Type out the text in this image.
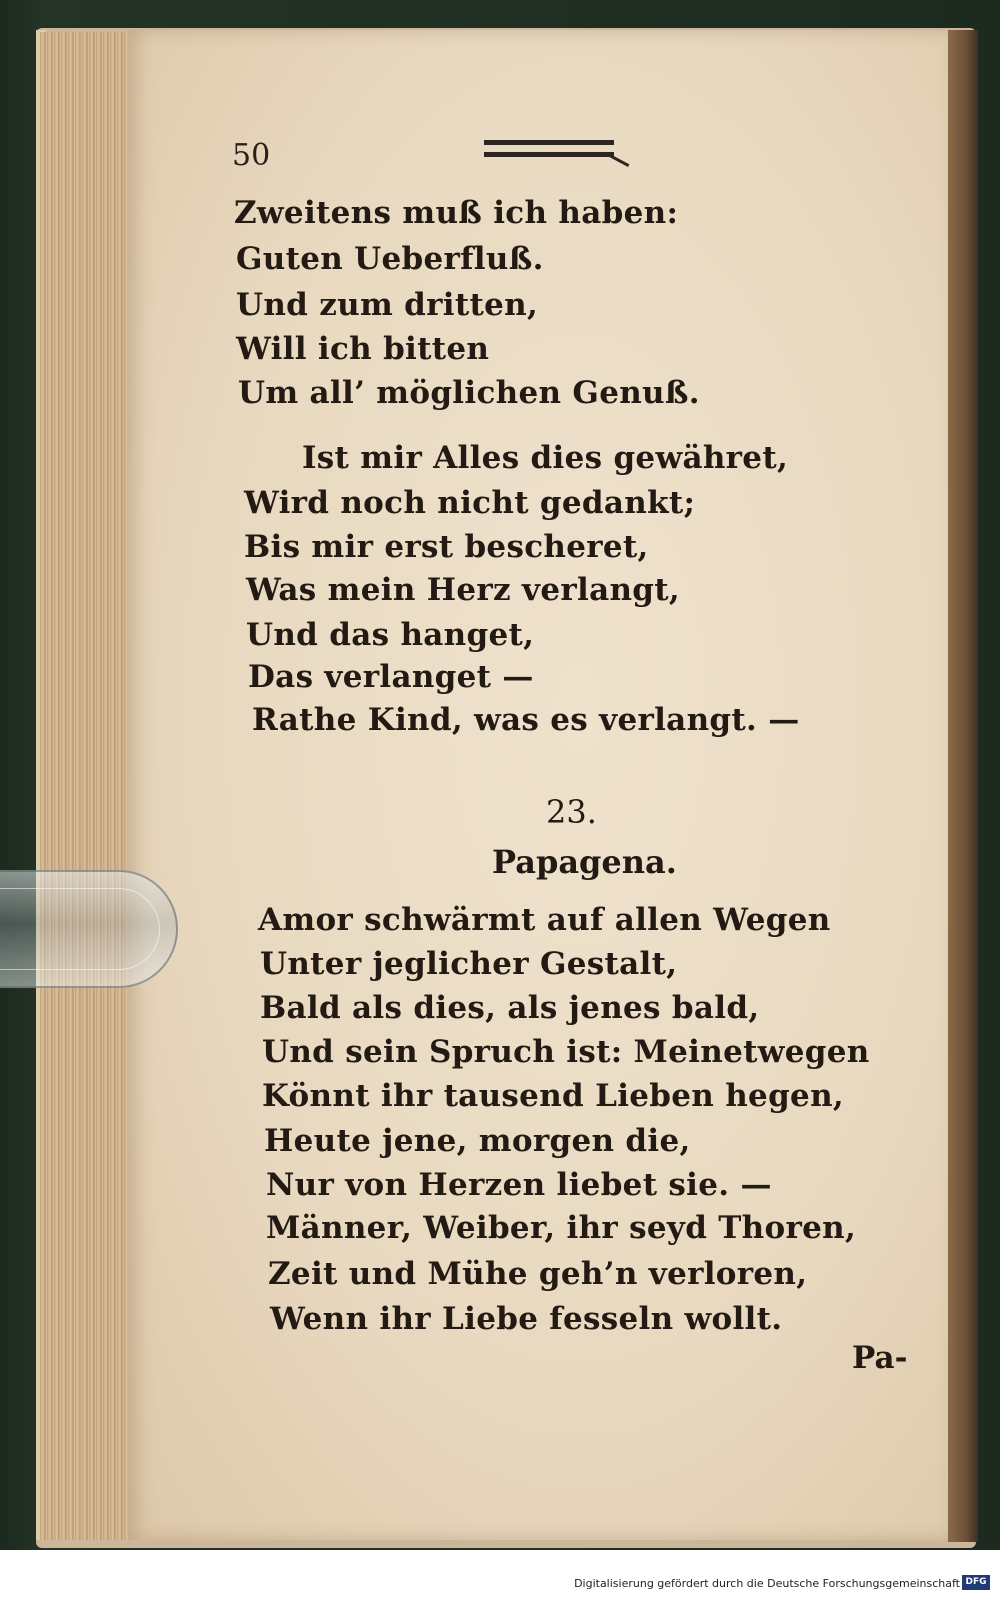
50
Zweitens muß ich haben:
Guten Ueberfluß.
Und zum dritten,
Will ich bitten
Um all’ möglichen Genuß.
Ist mir Alles dies gewähret,
Wird noch nicht gedankt;
Bis mir erst bescheret,
Was mein Herz verlangt,
Und das hanget,
Das verlanget —
Rathe Kind, was es verlangt. —
23.
Papagena.
Amor schwärmt auf allen Wegen
Unter jeglicher Gestalt,
Bald als dies, als jenes bald,
Und sein Spruch ist: Meinetwegen
Könnt ihr tausend Lieben hegen,
Heute jene, morgen die,
Nur von Herzen liebet sie. —
Männer, Weiber, ihr seyd Thoren,
Zeit und Mühe geh’n verloren,
Wenn ihr Liebe fesseln wollt.
Pa-
Digitalisierung gefördert durch die Deutsche Forschungsgemeinschaft DFG
